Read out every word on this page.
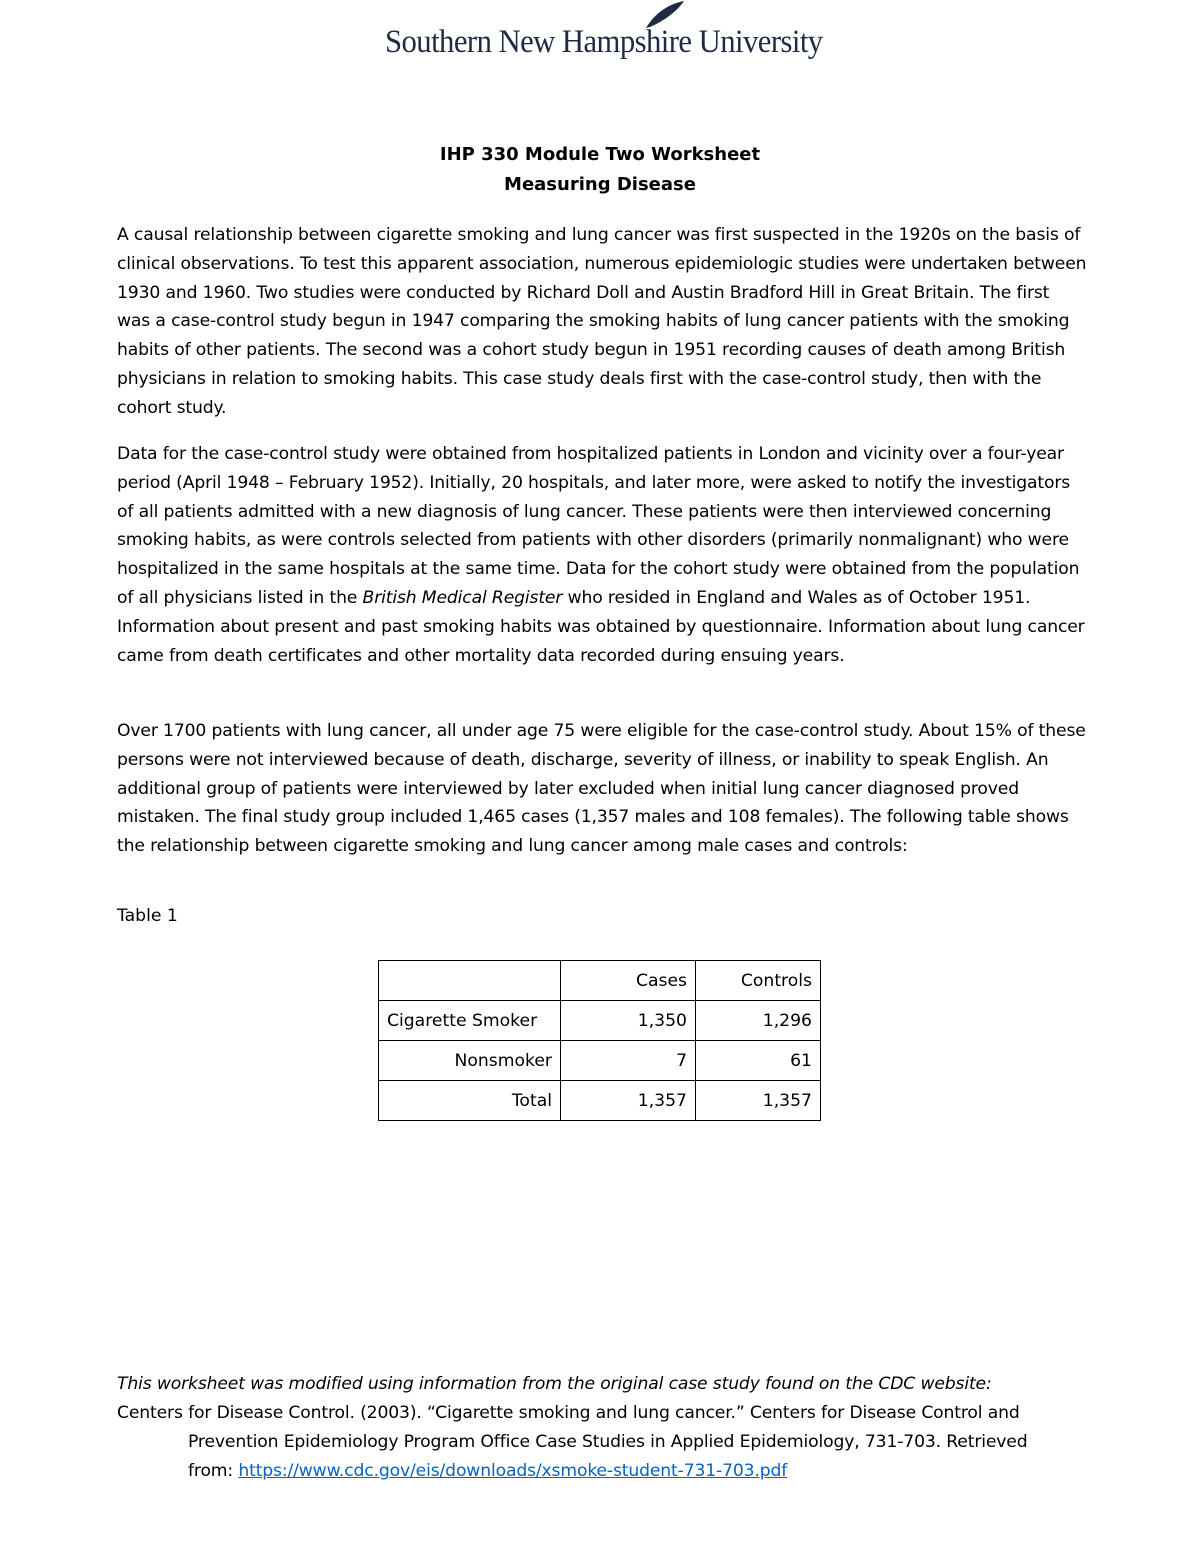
Southern New Hampshire University
IHP 330 Module Two Worksheet
Measuring Disease

A causal relationship between cigarette smoking and lung cancer was first suspected in the 1920s on the basis of clinical observations. To test this apparent association, numerous epidemiologic studies were undertaken between 1930 and 1960. Two studies were conducted by Richard Doll and Austin Bradford Hill in Great Britain. The first was a case-control study begun in 1947 comparing the smoking habits of lung cancer patients with the smoking habits of other patients. The second was a cohort study begun in 1951 recording causes of death among British physicians in relation to smoking habits. This case study deals first with the case-control study, then with the cohort study.

Data for the case-control study were obtained from hospitalized patients in London and vicinity over a four-year period (April 1948 – February 1952). Initially, 20 hospitals, and later more, were asked to notify the investigators of all patients admitted with a new diagnosis of lung cancer. These patients were then interviewed concerning smoking habits, as were controls selected from patients with other disorders (primarily nonmalignant) who were hospitalized in the same hospitals at the same time. Data for the cohort study were obtained from the population of all physicians listed in the British Medical Register who resided in England and Wales as of October 1951. Information about present and past smoking habits was obtained by questionnaire. Information about lung cancer came from death certificates and other mortality data recorded during ensuing years.

Over 1700 patients with lung cancer, all under age 75 were eligible for the case-control study. About 15% of these persons were not interviewed because of death, discharge, severity of illness, or inability to speak English. An additional group of patients were interviewed by later excluded when initial lung cancer diagnosed proved mistaken. The final study group included 1,465 cases (1,357 males and 108 females). The following table shows the relationship between cigarette smoking and lung cancer among male cases and controls:

Table 1
	Cases	Controls
Cigarette Smoker	1,350	1,296
Nonsmoker	7	61
Total	1,357	1,357
This worksheet was modified using information from the original case study found on the CDC website:
Centers for Disease Control. (2003). “Cigarette smoking and lung cancer.” Centers for Disease Control and
Prevention Epidemiology Program Office Case Studies in Applied Epidemiology, 731-703. Retrieved
from: https://www.cdc.gov/eis/downloads/xsmoke-student-731-703.pdf
